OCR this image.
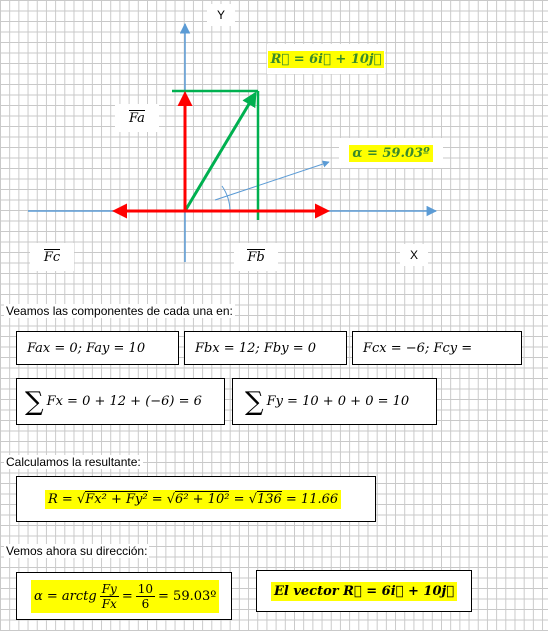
Y
X
R⃗ = 6i⃗ + 10j⃗
α = 59.03º
Fa
Fc	Fb
Veamos las componentes de cada una en:
Fax = 0; Fay = 10	Fbx = 12; Fby = 0	Fcx = −6; Fcy =
∑ Fx = 0 + 12 + (−6) = 6 ∑ Fy = 10 + 0 + 0 = 10
Calculamos la resultante:
R = √Fx² + Fy² = √6² + 10² = √136 = 11.66
Vemos ahora su dirección:
α = arctg $\frac{Fy}{Fx} = \frac{10}{6}$ = 59.03º	El vector R⃗ = 6i⃗ + 10j⃗
